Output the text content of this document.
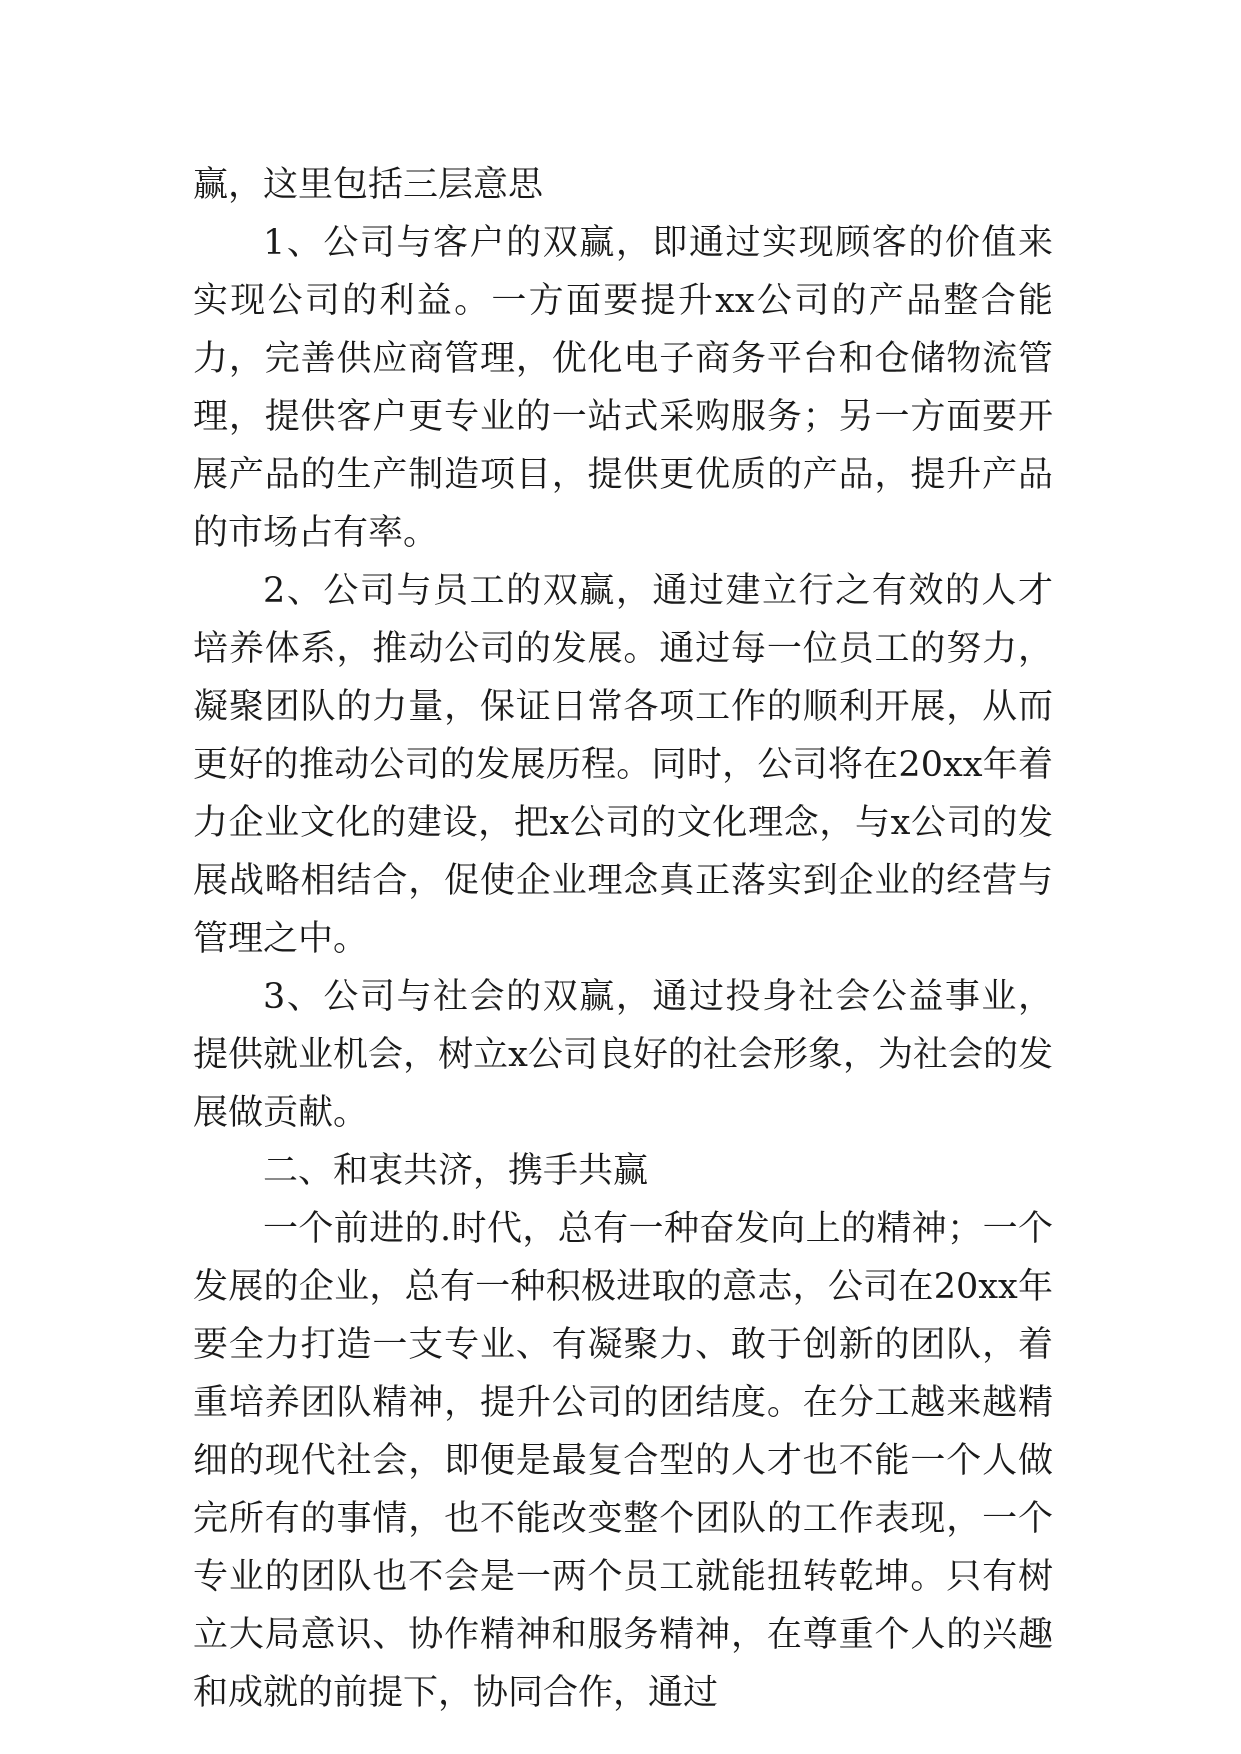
赢，这里包括三层意思

1、公司与客户的双赢，即通过实现顾客的价值来实现公司的利益。一方面要提升xx公司的产品整合能力，完善供应商管理，优化电子商务平台和仓储物流管理，提供客户更专业的一站式采购服务；另一方面要开展产品的生产制造项目，提供更优质的产品，提升产品的市场占有率。

2、公司与员工的双赢，通过建立行之有效的人才培养体系，推动公司的发展。通过每一位员工的努力，凝聚团队的力量，保证日常各项工作的顺利开展，从而更好的推动公司的发展历程。同时，公司将在20xx年着力企业文化的建设，把x公司的文化理念，与x公司的发展战略相结合，促使企业理念真正落实到企业的经营与管理之中。

3、公司与社会的双赢，通过投身社会公益事业，提供就业机会，树立x公司良好的社会形象，为社会的发展做贡献。

二、和衷共济，携手共赢

一个前进的.时代，总有一种奋发向上的精神；一个发展的企业，总有一种积极进取的意志，公司在20xx年要全力打造一支专业、有凝聚力、敢于创新的团队，着重培养团队精神，提升公司的团结度。在分工越来越精细的现代社会，即便是最复合型的人才也不能一个人做完所有的事情，也不能改变整个团队的工作表现，一个专业的团队也不会是一两个员工就能扭转乾坤。只有树立大局意识、协作精神和服务精神，在尊重个人的兴趣和成就的前提下，协同合作，通过
